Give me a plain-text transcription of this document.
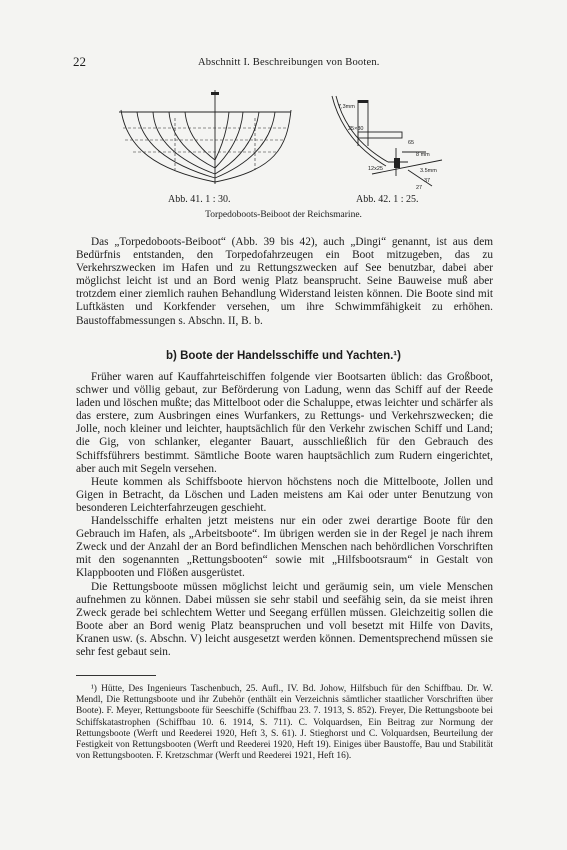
22	Abschnitt I. Beschreibungen von Booten.
7,3mm
25×30
65
8 mm
12x25	3.5mm
37
27
Abb. 41. 1 : 30.	Abb. 42. 1 : 25.
Torpedoboots-Beiboot der Reichsmarine.

Das „Torpedoboots-Beiboot“ (Abb. 39 bis 42), auch „Dingi“ genannt, ist aus dem Bedürfnis entstanden, den Torpedofahrzeugen ein Boot mitzugeben, das zu Verkehrszwecken im Hafen und zu Rettungszwecken auf See benutzbar, dabei aber möglichst leicht ist und an Bord wenig Platz beansprucht. Seine Bauweise muß aber trotzdem einer ziemlich rauhen Behandlung Widerstand leisten können. Die Boote sind mit Luftkästen und Korkfender versehen, um ihre Schwimmfähigkeit zu erhöhen. Baustoffabmessungen s. Abschn. II, B. b.

b) Boote der Handelsschiffe und Yachten.¹)

Früher waren auf Kauffahrteischiffen folgende vier Bootsarten üblich: das Großboot, schwer und völlig gebaut, zur Beförderung von Ladung, wenn das Schiff auf der Reede laden und löschen mußte; das Mittelboot oder die Schaluppe, etwas leichter und schärfer als das erstere, zum Ausbringen eines Wurfankers, zu Rettungs- und Verkehrszwecken; die Jolle, noch kleiner und leichter, hauptsächlich für den Verkehr zwischen Schiff und Land; die Gig, von schlanker, eleganter Bauart, ausschließlich für den Gebrauch des Schiffsführers bestimmt. Sämtliche Boote waren hauptsächlich zum Rudern eingerichtet, aber auch mit Segeln versehen.

Heute kommen als Schiffsboote hiervon höchstens noch die Mittelboote, Jollen und Gigen in Betracht, da Löschen und Laden meistens am Kai oder unter Benutzung von besonderen Leichterfahrzeugen geschieht.

Handelsschiffe erhalten jetzt meistens nur ein oder zwei derartige Boote für den Gebrauch im Hafen, als „Arbeitsboote“. Im übrigen werden sie in der Regel je nach ihrem Zweck und der Anzahl der an Bord befindlichen Menschen nach behördlichen Vorschriften mit den sogenannten „Rettungsbooten“ sowie mit „Hilfsbootsraum“ in Gestalt von Klappbooten und Flößen ausgerüstet.

Die Rettungsboote müssen möglichst leicht und geräumig sein, um viele Menschen aufnehmen zu können. Dabei müssen sie sehr stabil und seefähig sein, da sie meist ihren Zweck gerade bei schlechtem Wetter und Seegang erfüllen müssen. Gleichzeitig sollen die Boote aber an Bord wenig Platz beanspruchen und voll besetzt mit Hilfe von Davits, Kranen usw. (s. Abschn. V) leicht ausgesetzt werden können. Dementsprechend müssen sie sehr fest gebaut sein.

¹) Hütte, Des Ingenieurs Taschenbuch, 25. Aufl., IV. Bd. Johow, Hilfsbuch für den Schiffbau. Dr. W. Mendl, Die Rettungsboote und ihr Zubehör (enthält ein Verzeichnis sämtlicher staatlicher Vorschriften über Boote). F. Meyer, Rettungsboote für Seeschiffe (Schiffbau 23. 7. 1913, S. 852). Freyer, Die Rettungsboote bei Schiffskatastrophen (Schiffbau 10. 6. 1914, S. 711). C. Volquardsen, Ein Beitrag zur Normung der Rettungsboote (Werft und Reederei 1920, Heft 3, S. 61). J. Stieghorst und C. Volquardsen, Beurteilung der Festigkeit von Rettungsbooten (Werft und Reederei 1920, Heft 19). Einiges über Baustoffe, Bau und Stabilität von Rettungsbooten. F. Kretzschmar (Werft und Reederei 1921, Heft 16).
